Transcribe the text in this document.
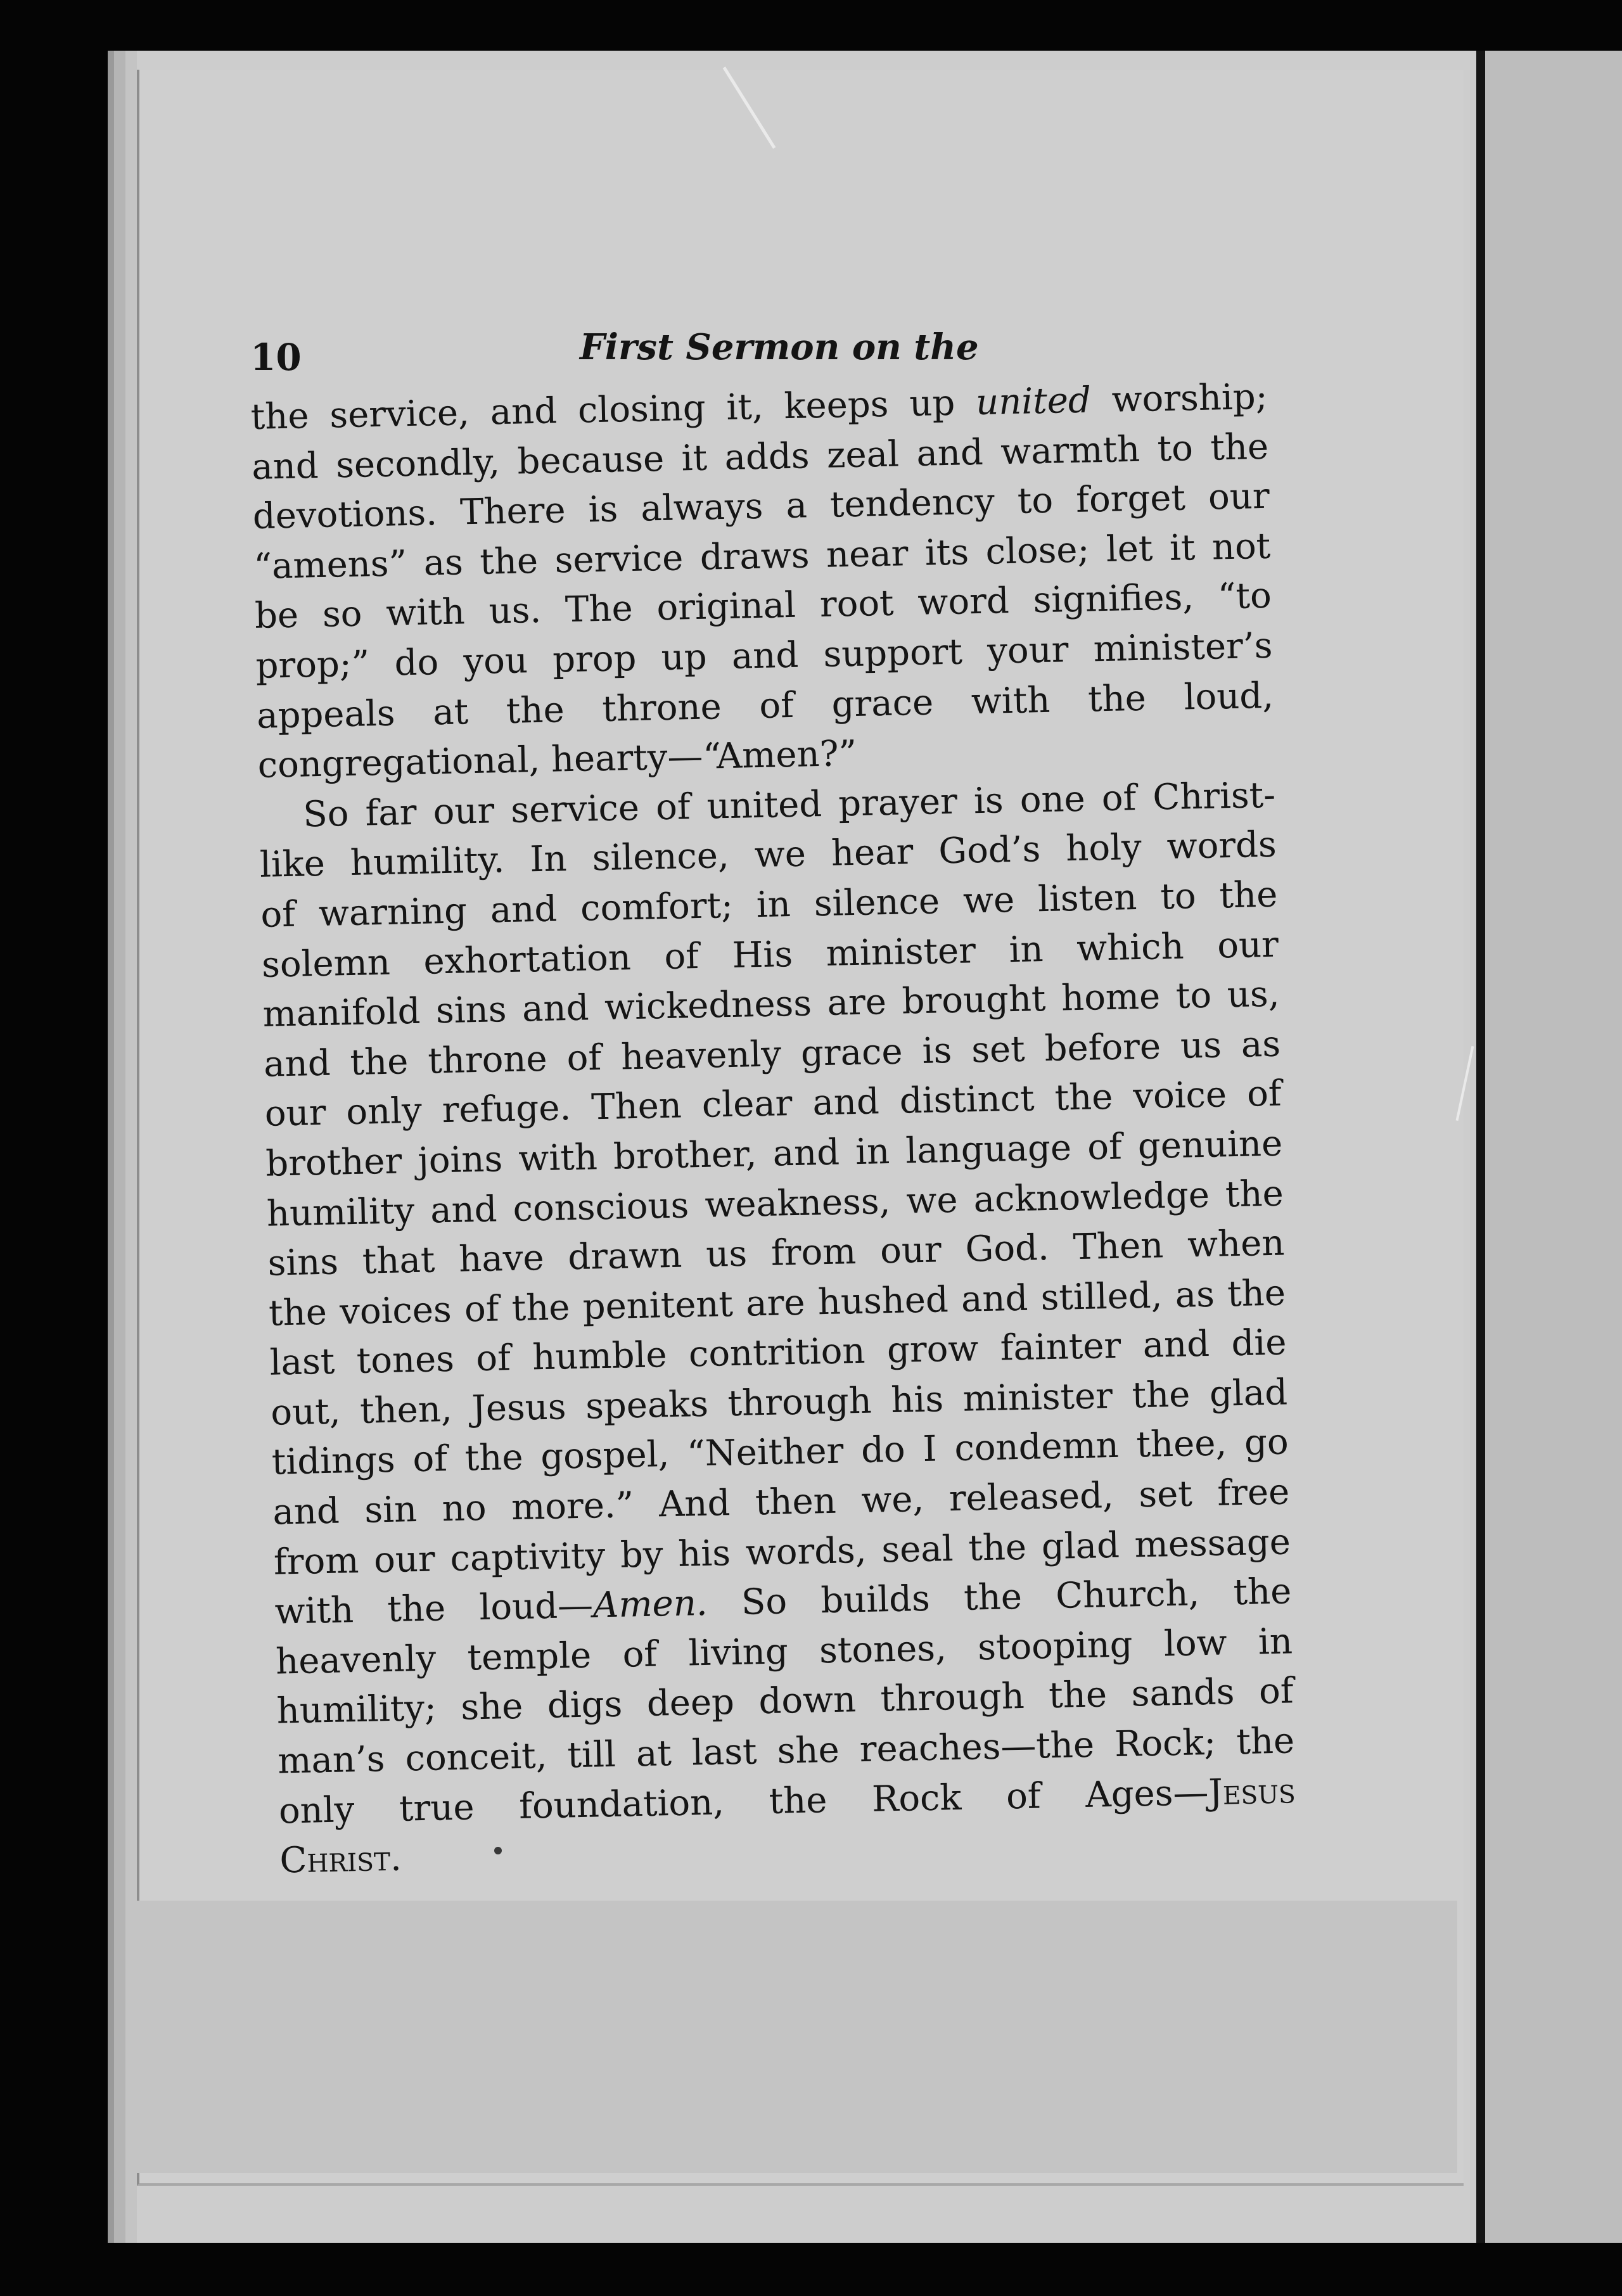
10	First Sermon on the
the service, and closing it, keeps up united worship;
and secondly, because it adds zeal and warmth to the
devotions. There is always a tendency to forget our
“amens” as the service draws near its close; let it not
be so with us. The original root word signifies, “to
prop;” do you prop up and support your minister’s
appeals at the throne of grace with the loud,
congregational, hearty—“Amen?”
So far our service of united prayer is one of Christ-
like humility. In silence, we hear God’s holy words
of warning and comfort; in silence we listen to the
solemn exhortation of His minister in which our
manifold sins and wickedness are brought home to us,
and the throne of heavenly grace is set before us as
our only refuge. Then clear and distinct the voice of
brother joins with brother, and in language of genuine
humility and conscious weakness, we acknowledge the
sins that have drawn us from our God. Then when
the voices of the penitent are hushed and stilled, as the
last tones of humble contrition grow fainter and die
out, then, Jesus speaks through his minister the glad
tidings of the gospel, “Neither do I condemn thee, go
and sin no more.” And then we, released, set free
from our captivity by his words, seal the glad message
with the loud—Amen. So builds the Church, the
heavenly temple of living stones, stooping low in
humility; she digs deep down through the sands of
man’s conceit, till at last she reaches—the Rock; the
only true foundation, the Rock of Ages—Jesus
Christ.
